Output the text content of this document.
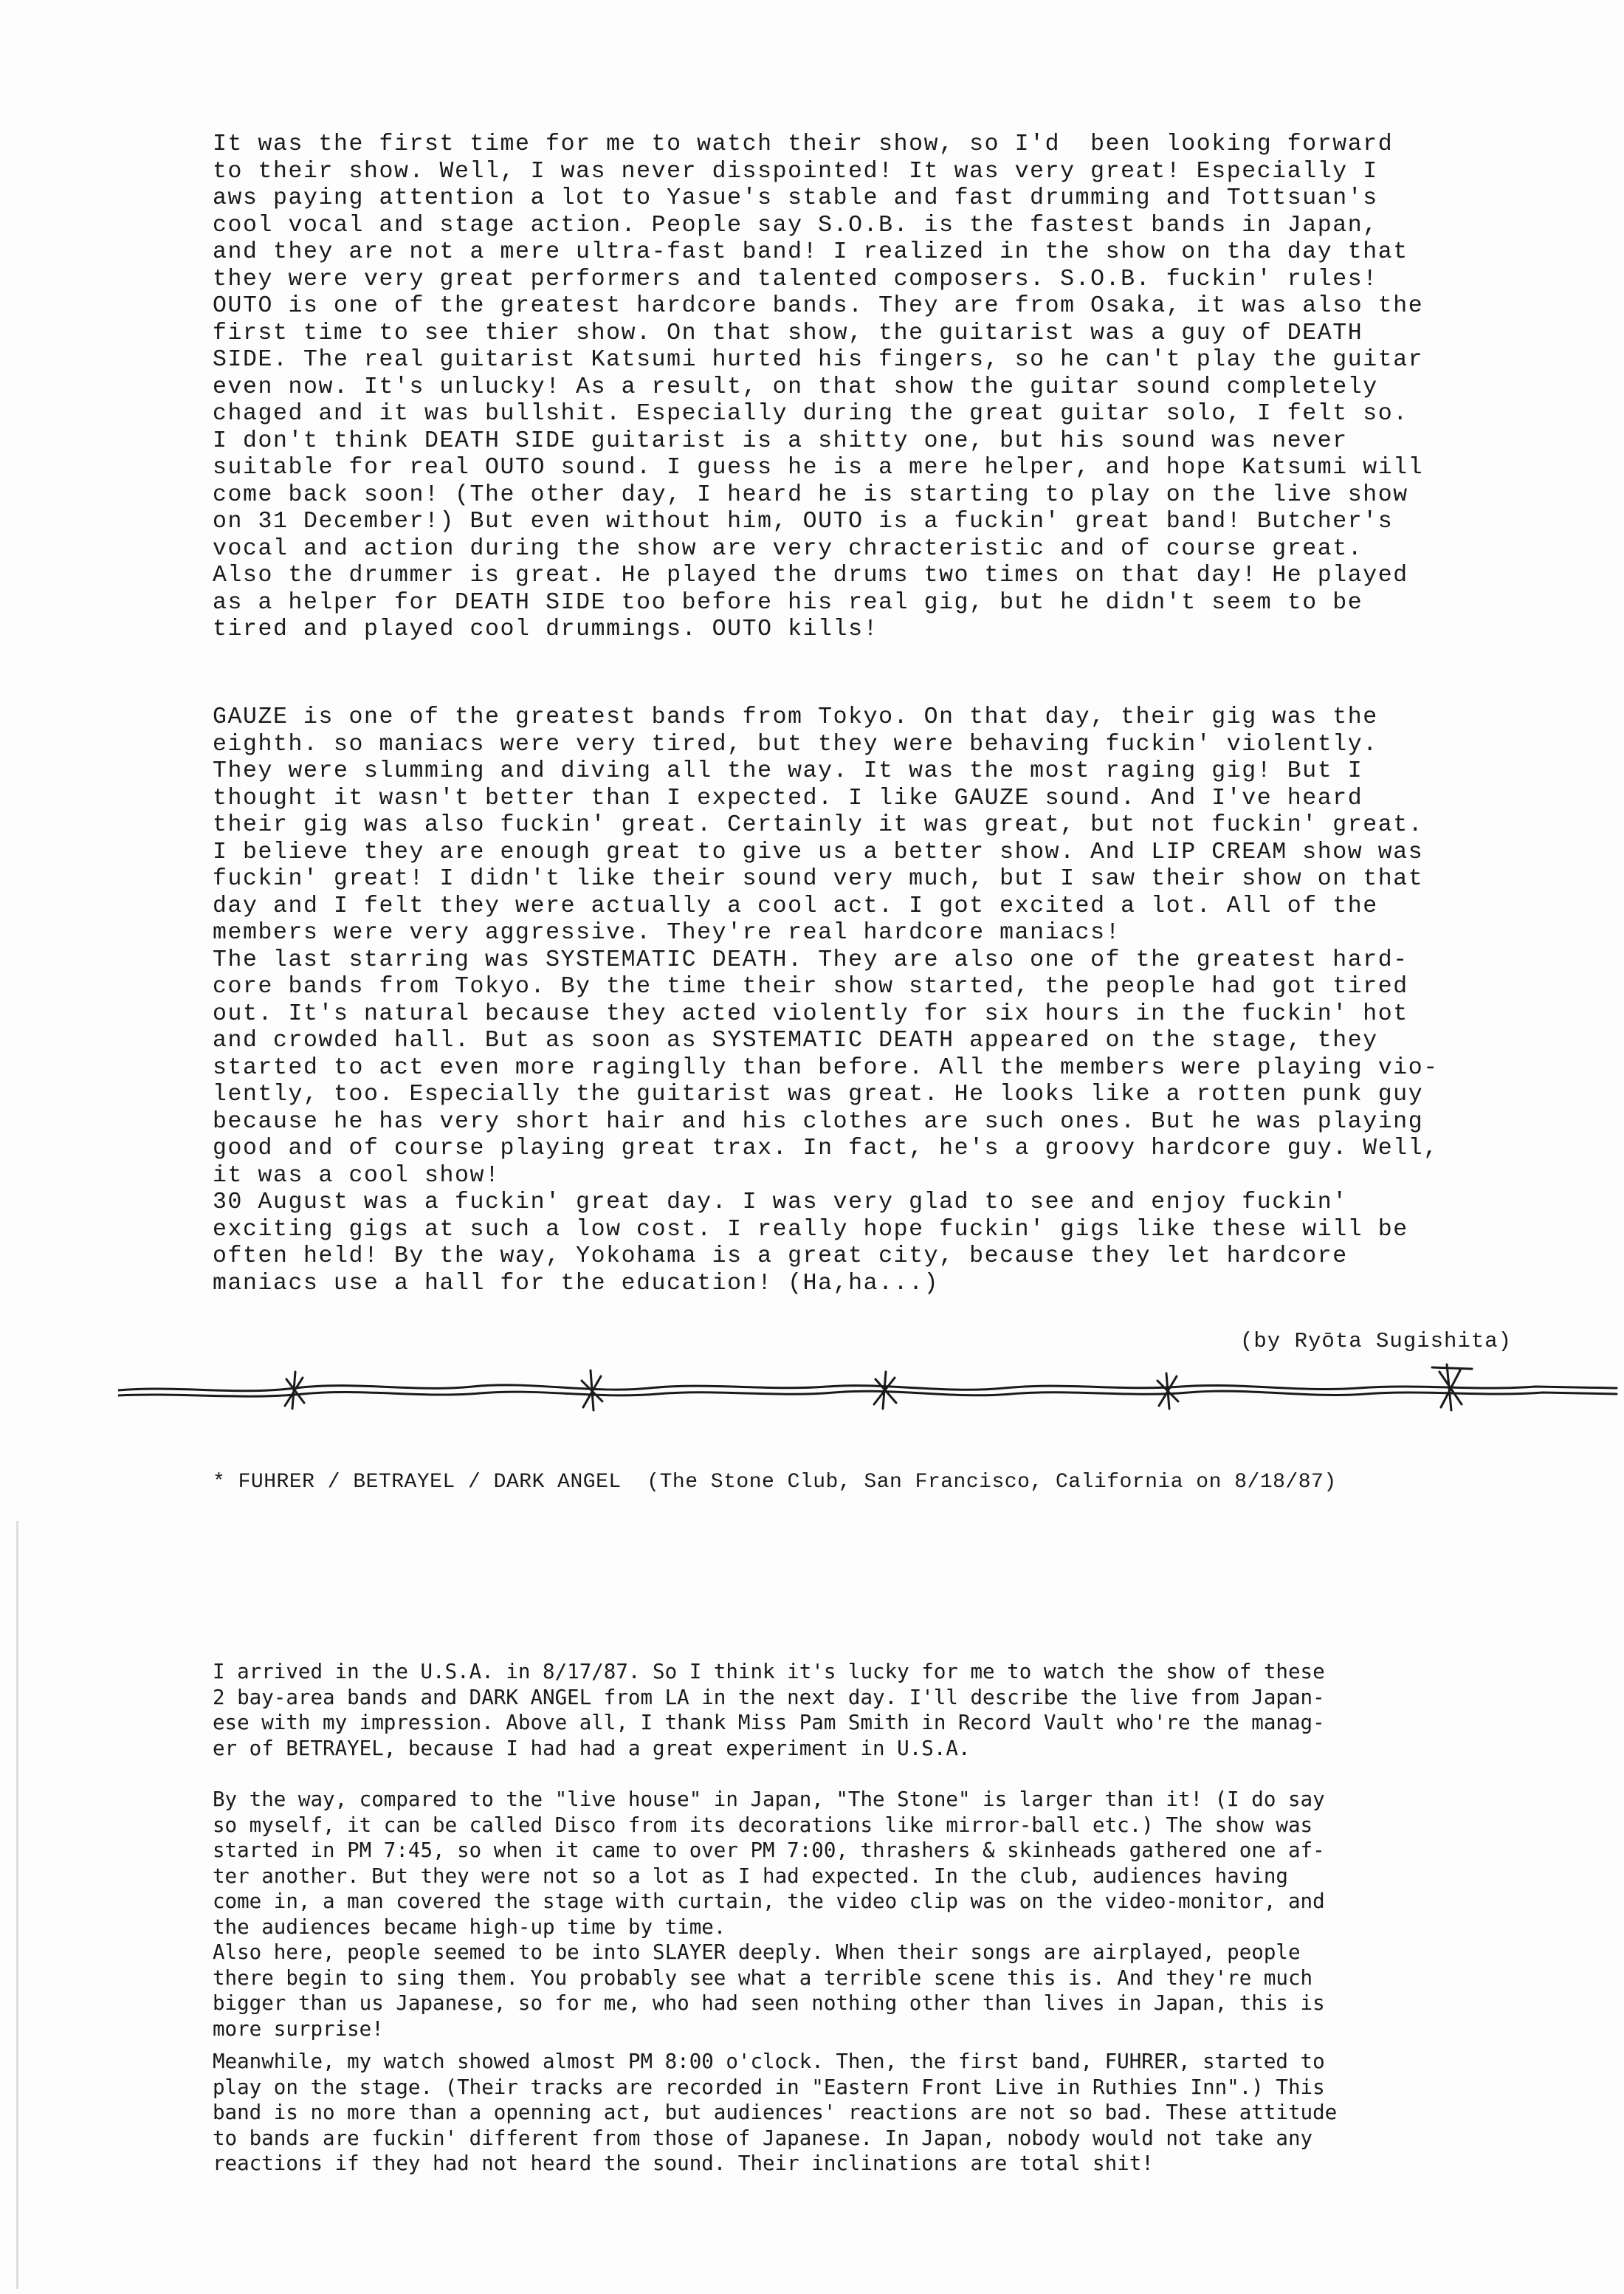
It was the first time for me to watch their show, so I'd  been looking forward
to their show. Well, I was never disspointed! It was very great! Especially I
aws paying attention a lot to Yasue's stable and fast drumming and Tottsuan's
cool vocal and stage action. People say S.O.B. is the fastest bands in Japan,
and they are not a mere ultra-fast band! I realized in the show on tha day that
they were very great performers and talented composers. S.O.B. fuckin' rules!
OUTO is one of the greatest hardcore bands. They are from Osaka, it was also the
first time to see thier show. On that show, the guitarist was a guy of DEATH
SIDE. The real guitarist Katsumi hurted his fingers, so he can't play the guitar
even now. It's unlucky! As a result, on that show the guitar sound completely
chaged and it was bullshit. Especially during the great guitar solo, I felt so.
I don't think DEATH SIDE guitarist is a shitty one, but his sound was never
suitable for real OUTO sound. I guess he is a mere helper, and hope Katsumi will
come back soon! (The other day, I heard he is starting to play on the live show
on 31 December!) But even without him, OUTO is a fuckin' great band! Butcher's
vocal and action during the show are very chracteristic and of course great.
Also the drummer is great. He played the drums two times on that day! He played
as a helper for DEATH SIDE too before his real gig, but he didn't seem to be
tired and played cool drummings. OUTO kills!

GAUZE is one of the greatest bands from Tokyo. On that day, their gig was the
eighth. so maniacs were very tired, but they were behaving fuckin' violently.
They were slumming and diving all the way. It was the most raging gig! But I
thought it wasn't better than I expected. I like GAUZE sound. And I've heard
their gig was also fuckin' great. Certainly it was great, but not fuckin' great.
I believe they are enough great to give us a better show. And LIP CREAM show was
fuckin' great! I didn't like their sound very much, but I saw their show on that
day and I felt they were actually a cool act. I got excited a lot. All of the
members were very aggressive. They're real hardcore maniacs!
The last starring was SYSTEMATIC DEATH. They are also one of the greatest hard-
core bands from Tokyo. By the time their show started, the people had got tired
out. It's natural because they acted violently for six hours in the fuckin' hot
and crowded hall. But as soon as SYSTEMATIC DEATH appeared on the stage, they
started to act even more raginglly than before. All the members were playing vio-
lently, too. Especially the guitarist was great. He looks like a rotten punk guy
because he has very short hair and his clothes are such ones. But he was playing
good and of course playing great trax. In fact, he's a groovy hardcore guy. Well,
it was a cool show!
30 August was a fuckin' great day. I was very glad to see and enjoy fuckin'
exciting gigs at such a low cost. I really hope fuckin' gigs like these will be
often held! By the way, Yokohama is a great city, because they let hardcore
maniacs use a hall for the education! (Ha,ha...)

(by Ryōta Sugishita)

* FUHRER / BETRAYEL / DARK ANGEL  (The Stone Club, San Francisco, California on 8/18/87)

I arrived in the U.S.A. in 8/17/87. So I think it's lucky for me to watch the show of these
2 bay-area bands and DARK ANGEL from LA in the next day. I'll describe the live from Japan-
ese with my impression. Above all, I thank Miss Pam Smith in Record Vault who're the manag-
er of BETRAYEL, because I had had a great experiment in U.S.A.

By the way, compared to the "live house" in Japan, "The Stone" is larger than it! (I do say
so myself, it can be called Disco from its decorations like mirror-ball etc.) The show was
started in PM 7:45, so when it came to over PM 7:00, thrashers & skinheads gathered one af-
ter another. But they were not so a lot as I had expected. In the club, audiences having
come in, a man covered the stage with curtain, the video clip was on the video-monitor, and
the audiences became high-up time by time.
Also here, people seemed to be into SLAYER deeply. When their songs are airplayed, people
there begin to sing them. You probably see what a terrible scene this is. And they're much
bigger than us Japanese, so for me, who had seen nothing other than lives in Japan, this is
more surprise!

Meanwhile, my watch showed almost PM 8:00 o'clock. Then, the first band, FUHRER, started to
play on the stage. (Their tracks are recorded in "Eastern Front Live in Ruthies Inn".) This
band is no more than a openning act, but audiences' reactions are not so bad. These attitude
to bands are fuckin' different from those of Japanese. In Japan, nobody would not take any
reactions if they had not heard the sound. Their inclinations are total shit!
